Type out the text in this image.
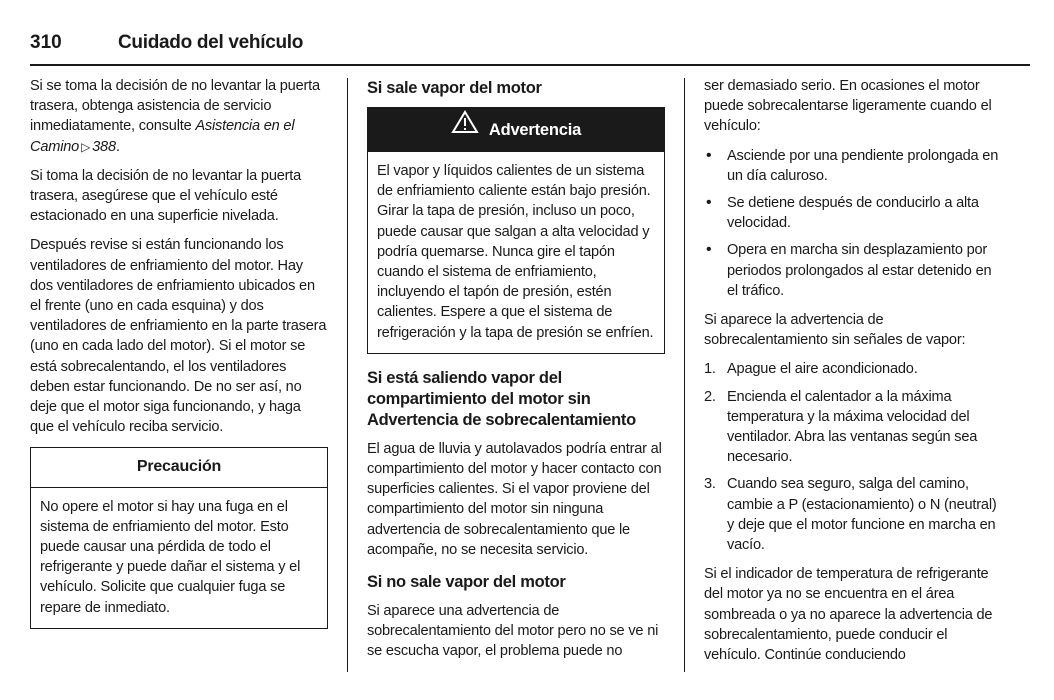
310	Cuidado del vehículo

Si se toma la decisión de no levantar la puerta trasera, obtenga asistencia de servicio inmediatamente, consulte Asistencia en el Camino ▷ 388.

Si toma la decisión de no levantar la puerta trasera, asegúrese que el vehículo esté estacionado en una superficie nivelada.

Después revise si están funcionando los ventiladores de enfriamiento del motor. Hay dos ventiladores de enfriamiento ubicados en el frente (uno en cada esquina) y dos ventiladores de enfriamiento en la parte trasera (uno en cada lado del motor). Si el motor se está sobrecalentando, el los ventiladores deben estar funcionando. De no ser así, no deje que el motor siga funcionando, y haga que el vehículo reciba servicio.

Precaución

No opere el motor si hay una fuga en el sistema de enfriamiento del motor. Esto puede causar una pérdida de todo el refrigerante y puede dañar el sistema y el vehículo. Solicite que cualquier fuga se repare de inmediato.

Si sale vapor del motor
Advertencia

El vapor y líquidos calientes de un sistema de enfriamiento caliente están bajo presión. Girar la tapa de presión, incluso un poco, puede causar que salgan a alta velocidad y podría quemarse. Nunca gire el tapón cuando el sistema de enfriamiento, incluyendo el tapón de presión, estén calientes. Espere a que el sistema de refrigeración y la tapa de presión se enfríen.

Si está saliendo vapor del compartimiento del motor sin Advertencia de sobrecalentamiento

El agua de lluvia y autolavados podría entrar al compartimiento del motor y hacer contacto con superficies calientes. Si el vapor proviene del compartimiento del motor sin ninguna advertencia de sobrecalentamiento que le acompañe, no se necesita servicio.

Si no sale vapor del motor

Si aparece una advertencia de sobrecalentamiento del motor pero no se ve ni se escucha vapor, el problema puede no

ser demasiado serio. En ocasiones el motor puede sobrecalentarse ligeramente cuando el vehículo:

• Asciende por una pendiente prolongada en un día caluroso.
• Se detiene después de conducirlo a alta velocidad.
• Opera en marcha sin desplazamiento por periodos prolongados al estar detenido en el tráfico.

Si aparece la advertencia de sobrecalentamiento sin señales de vapor:

1. Apague el aire acondicionado.
2. Encienda el calentador a la máxima temperatura y la máxima velocidad del ventilador. Abra las ventanas según sea necesario.
3. Cuando sea seguro, salga del camino, cambie a P (estacionamiento) o N (neutral) y deje que el motor funcione en marcha en vacío.

Si el indicador de temperatura de refrigerante del motor ya no se encuentra en el área sombreada o ya no aparece la advertencia de sobrecalentamiento, puede conducir el vehículo. Continúe conduciendo
